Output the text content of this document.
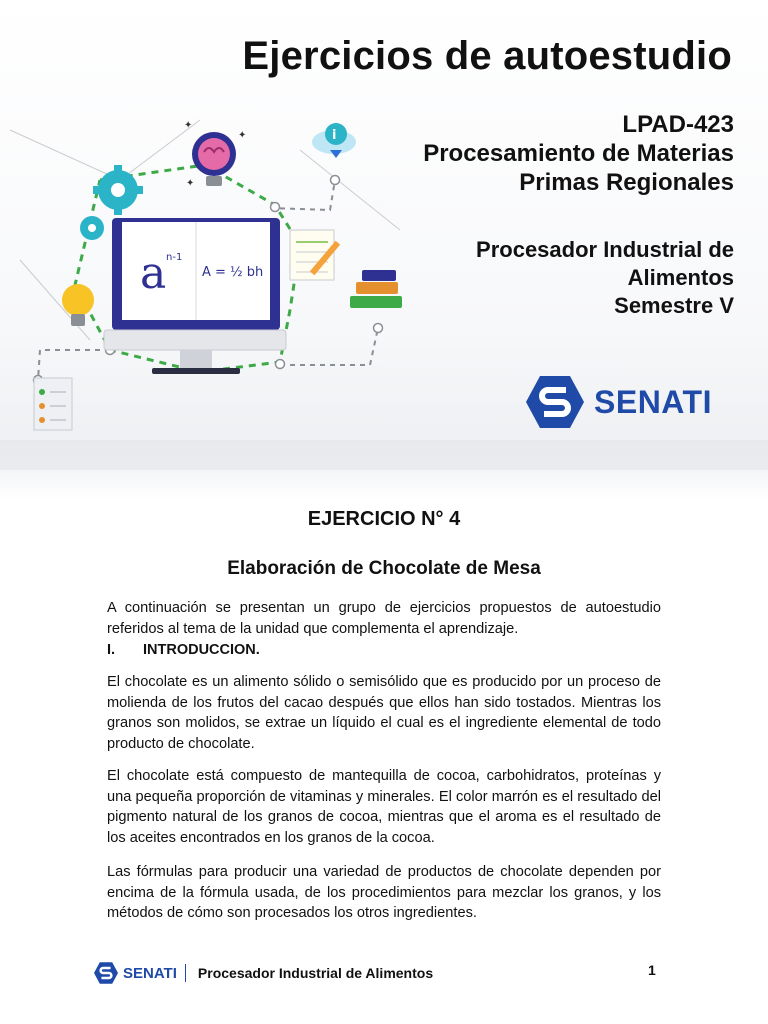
a n-1
A = ½ bh
✦
✦
✦
i
Ejercicios de autoestudio
LPAD-423
Procesamiento de Materias
Primas Regionales
Procesador Industrial de
Alimentos
Semestre V
SENATI
EJERCICIO N° 4
Elaboración de Chocolate de Mesa

A continuación se presentan un grupo de ejercicios propuestos de autoestudio referidos al tema de la unidad que complementa el aprendizaje.

I.	INTRODUCCION.

El chocolate es un alimento sólido o semisólido que es producido por un proceso de molienda de los frutos del cacao después que ellos han sido tostados. Mientras los granos son molidos, se extrae un líquido el cual es el ingrediente elemental de todo producto de chocolate.

El chocolate está compuesto de mantequilla de cocoa, carbohidratos, proteínas y una pequeña proporción de vitaminas y minerales. El color marrón es el resultado del pigmento natural de los granos de cocoa, mientras que el aroma es el resultado de los aceites encontrados en los granos de la cocoa.

Las fórmulas para producir una variedad de productos de chocolate dependen por encima de la fórmula usada, de los procedimientos para mezclar los granos, y los métodos de cómo son procesados los otros ingredientes.

SENATI Procesador Industrial de Alimentos	1
